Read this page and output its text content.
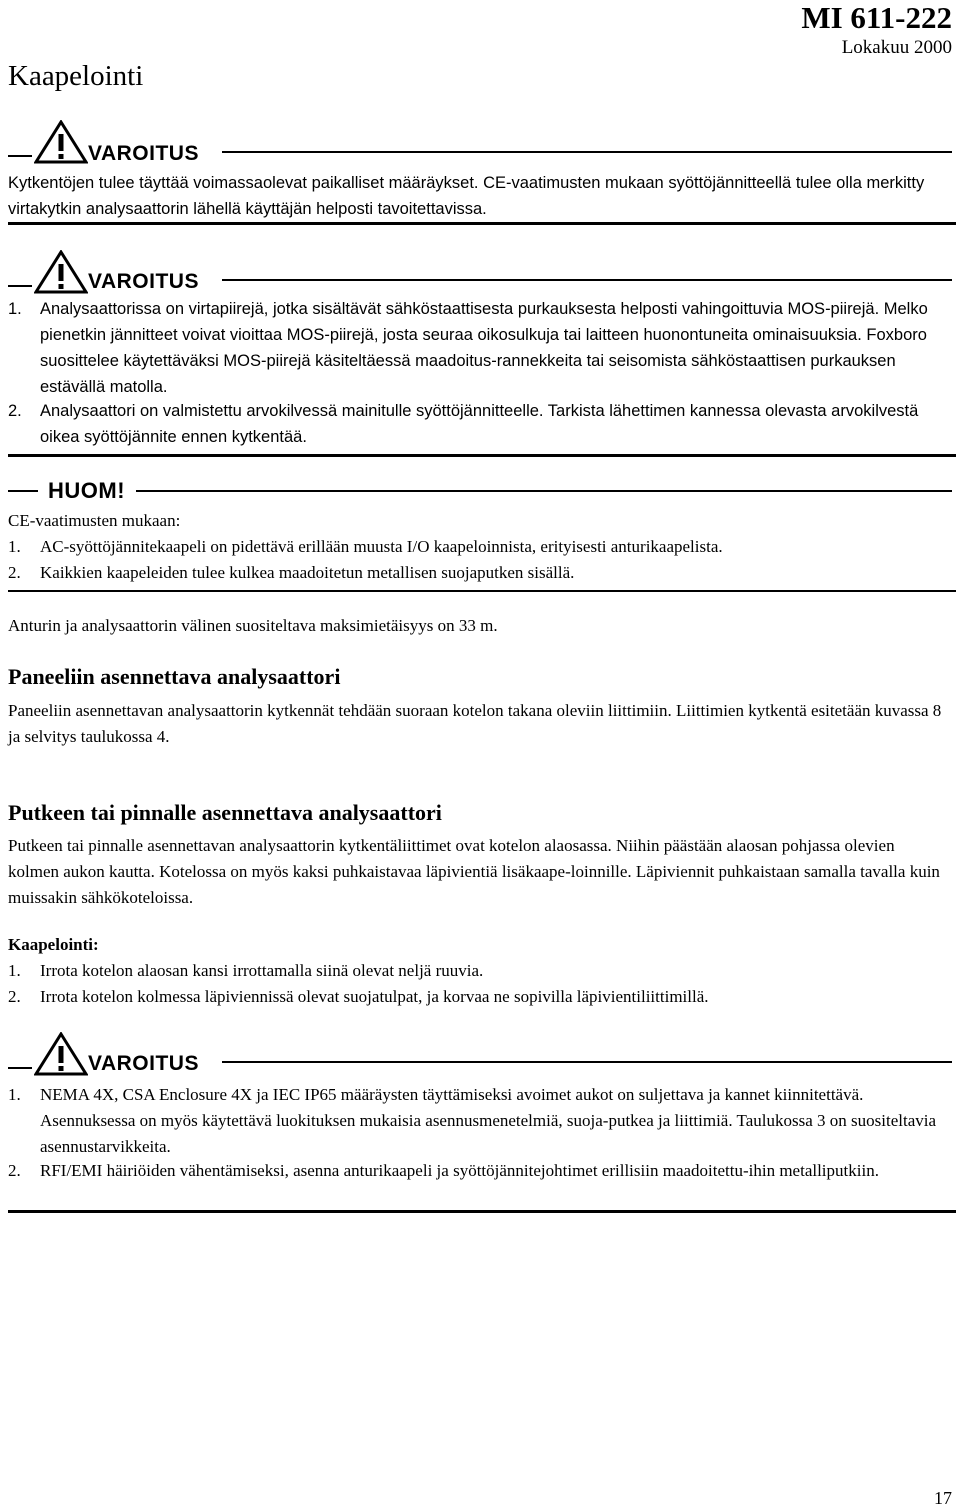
MI 611-222
Lokakuu 2000
Kaapelointi
VAROITUS
Kytkentöjen tulee täyttää voimassaolevat paikalliset määräykset. CE-vaatimusten mukaan syöttöjännitteellä tulee olla merkitty virtakytkin analysaattorin lähellä käyttäjän helposti tavoitettavissa.
VAROITUS
1. Analysaattorissa on virtapiirejä, jotka sisältävät sähköstaattisesta purkauksesta helposti vahingoittuvia MOS-piirejä. Melko pienetkin jännitteet voivat vioittaa MOS-piirejä, josta seuraa oikosulkuja tai laitteen huonontuneita ominaisuuksia. Foxboro suosittelee käytettäväksi MOS-piirejä käsiteltäessä maadoitus-rannekkeita tai seisomista sähköstaattisen purkauksen estävällä matolla.
2. Analysaattori on valmistettu arvokilvessä mainitulle syöttöjännitteelle. Tarkista lähettimen kannessa olevasta arvokilvestä oikea syöttöjännite ennen kytkentää.
HUOM!
CE-vaatimusten mukaan:
1. AC-syöttöjännitekaapeli on pidettävä erillään muusta I/O kaapeloinnista, erityisesti anturikaapelista.
2. Kaikkien kaapeleiden tulee kulkea maadoitetun metallisen suojaputken sisällä.
Anturin ja analysaattorin välinen suositeltava maksimietäisyys on 33 m.
Paneeliin asennettava analysaattori
Paneeliin asennettavan analysaattorin kytkennät tehdään suoraan kotelon takana oleviin liittimiin. Liittimien kytkentä esitetään kuvassa 8 ja selvitys taulukossa 4.
Putkeen tai pinnalle asennettava analysaattori
Putkeen tai pinnalle asennettavan analysaattorin kytkentäliittimet ovat kotelon alaosassa. Niihin päästään alaosan pohjassa olevien kolmen aukon kautta. Kotelossa on myös kaksi puhkaistavaa läpivientiä lisäkaape-loinnille. Läpiviennit puhkaistaan samalla tavalla kuin muissakin sähkökoteloissa.
Kaapelointi:
1. Irrota kotelon alaosan kansi irrottamalla siinä olevat neljä ruuvia.
2. Irrota kotelon kolmessa läpiviennissä olevat suojatulpat, ja korvaa ne sopivilla läpivientiliittimillä.
VAROITUS
1. NEMA 4X, CSA Enclosure 4X ja IEC IP65 määräysten täyttämiseksi avoimet aukot on suljettava ja kannet kiinnitettävä. Asennuksessa on myös käytettävä luokituksen mukaisia asennusmenetelmiä, suoja-putkea ja liittimiä. Taulukossa 3 on suositeltavia asennustarvikkeita.
2. RFI/EMI häiriöiden vähentämiseksi, asenna anturikaapeli ja syöttöjännitejohtimet erillisiin maadoitettu-ihin metalliputkiin.
17
